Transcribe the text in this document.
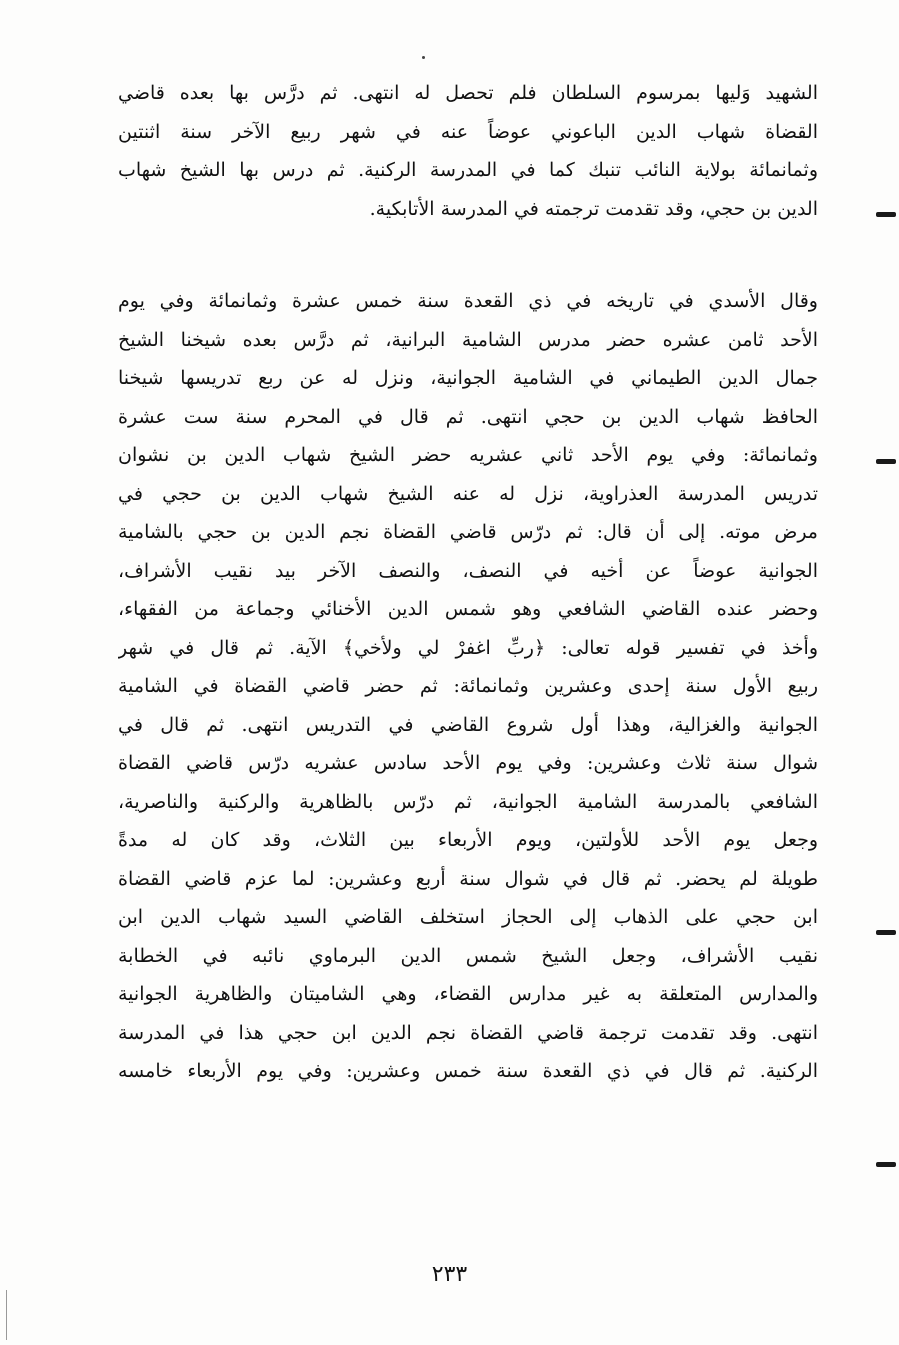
الشهيد وَليها بمرسوم السلطان فلم تحصل له انتهى. ثم درَّس بها بعده قاضي
القضاة شهاب الدين الباعوني عوضاً عنه في شهر ربيع الآخر سنة اثنتين
وثمانمائة بولاية النائب تنبك كما في المدرسة الركنية. ثم درس بها الشيخ شهاب
الدين بن حجي، وقد تقدمت ترجمته في المدرسة الأتابكية.
وقال الأسدي في تاريخه في ذي القعدة سنة خمس عشرة وثمانمائة وفي يوم
الأحد ثامن عشره حضر مدرس الشامية البرانية، ثم درَّس بعده شيخنا الشيخ
جمال الدين الطيماني في الشامية الجوانية، ونزل له عن ربع تدريسها شيخنا
الحافظ شهاب الدين بن حجي انتهى. ثم قال في المحرم سنة ست عشرة
وثمانمائة: وفي يوم الأحد ثاني عشريه حضر الشيخ شهاب الدين بن نشوان
تدريس المدرسة العذراوية، نزل له عنه الشيخ شهاب الدين بن حجي في
مرض موته. إلى أن قال: ثم درّس قاضي القضاة نجم الدين بن حجي بالشامية
الجوانية عوضاً عن أخيه في النصف، والنصف الآخر بيد نقيب الأشراف،
وحضر عنده القاضي الشافعي وهو شمس الدين الأخنائي وجماعة من الفقهاء،
وأخذ في تفسير قوله تعالى: ﴿ربِّ اغفرْ لي ولأخي﴾ الآية. ثم قال في شهر
ربيع الأول سنة إحدى وعشرين وثمانمائة: ثم حضر قاضي القضاة في الشامية
الجوانية والغزالية، وهذا أول شروع القاضي في التدريس انتهى. ثم قال في
شوال سنة ثلاث وعشرين: وفي يوم الأحد سادس عشريه درّس قاضي القضاة
الشافعي بالمدرسة الشامية الجوانية، ثم درّس بالظاهرية والركنية والناصرية،
وجعل يوم الأحد للأولتين، ويوم الأربعاء بين الثلاث، وقد كان له مدةً
طويلة لم يحضر. ثم قال في شوال سنة أربع وعشرين: لما عزم قاضي القضاة
ابن حجي على الذهاب إلى الحجاز استخلف القاضي السيد شهاب الدين ابن
نقيب الأشراف، وجعل الشيخ شمس الدين البرماوي نائبه في الخطابة
والمدارس المتعلقة به غير مدارس القضاء، وهي الشاميتان والظاهرية الجوانية
انتهى. وقد تقدمت ترجمة قاضي القضاة نجم الدين ابن حجي هذا في المدرسة
الركنية. ثم قال في ذي القعدة سنة خمس وعشرين: وفي يوم الأربعاء خامسه
٢٣٣
